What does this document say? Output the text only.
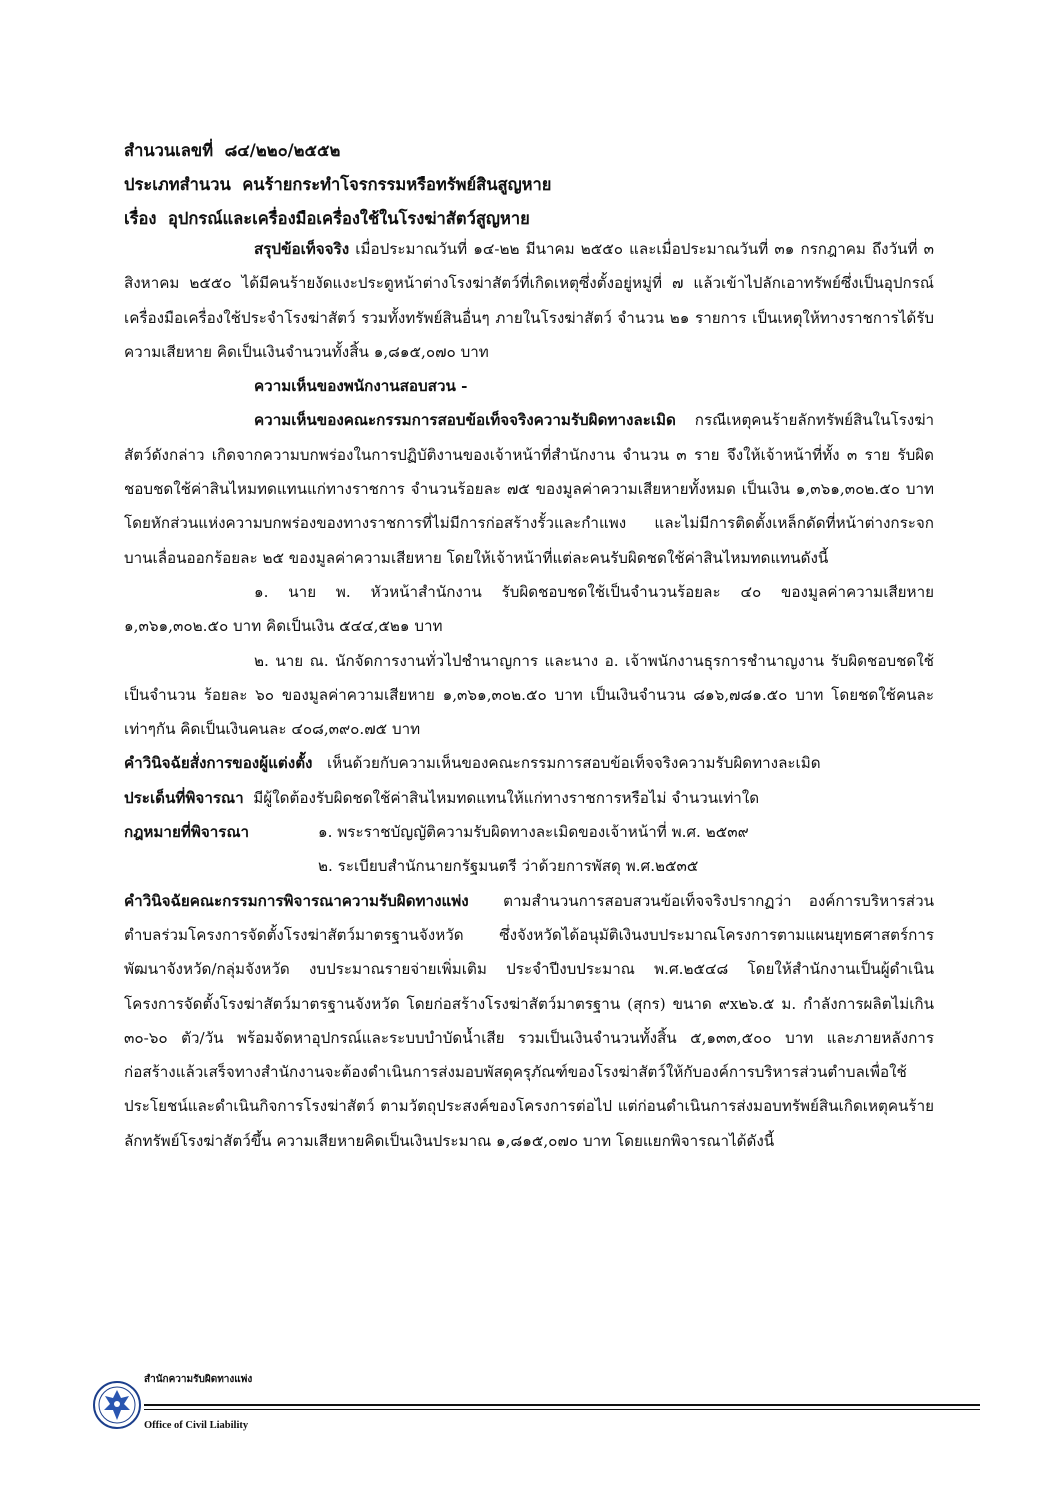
สำนวนเลขที่ ๘๔/๒๒๐/๒๕๕๒
ประเภทสำนวน คนร้ายกระทำโจรกรรมหรือทรัพย์สินสูญหาย
เรื่อง อุปกรณ์และเครื่องมือเครื่องใช้ในโรงฆ่าสัตว์สูญหาย

สรุปข้อเท็จจริง เมื่อประมาณวันที่ ๑๔-๒๒ มีนาคม ๒๕๕๐ และเมื่อประมาณวันที่ ๓๑ กรกฎาคม ถึงวันที่ ๓ สิงหาคม ๒๕๕๐ ได้มีคนร้ายงัดแงะประตูหน้าต่างโรงฆ่าสัตว์ที่เกิดเหตุซึ่งตั้งอยู่หมู่ที่ ๗ แล้วเข้าไปลักเอาทรัพย์ซึ่งเป็นอุปกรณ์ เครื่องมือเครื่องใช้ประจำโรงฆ่าสัตว์ รวมทั้งทรัพย์สินอื่นๆ ภายในโรงฆ่าสัตว์ จำนวน ๒๑ รายการ เป็นเหตุให้ทางราชการได้รับความเสียหาย คิดเป็นเงินจำนวนทั้งสิ้น ๑,๘๑๕,๐๗๐ บาท

ความเห็นของพนักงานสอบสวน -

ความเห็นของคณะกรรมการสอบข้อเท็จจริงความรับผิดทางละเมิด กรณีเหตุคนร้ายลักทรัพย์สินในโรงฆ่าสัตว์ดังกล่าว เกิดจากความบกพร่องในการปฏิบัติงานของเจ้าหน้าที่สำนักงาน จำนวน ๓ ราย จึงให้เจ้าหน้าที่ทั้ง ๓ ราย รับผิดชอบชดใช้ค่าสินไหมทดแทนแก่ทางราชการ จำนวนร้อยละ ๗๕ ของมูลค่าความเสียหายทั้งหมด เป็นเงิน ๑,๓๖๑,๓๐๒.๕๐ บาท โดยหักส่วนแห่งความบกพร่องของทางราชการที่ไม่มีการก่อสร้างรั้วและกำแพง และไม่มีการติดตั้งเหล็กดัดที่หน้าต่างกระจกบานเลื่อนออกร้อยละ ๒๕ ของมูลค่าความเสียหาย โดยให้เจ้าหน้าที่แต่ละคนรับผิดชดใช้ค่าสินไหมทดแทนดังนี้

๑. นาย พ. หัวหน้าสำนักงาน รับผิดชอบชดใช้เป็นจำนวนร้อยละ ๔๐ ของมูลค่าความเสียหาย ๑,๓๖๑,๓๐๒.๕๐ บาท คิดเป็นเงิน ๕๔๔,๕๒๑ บาท

๒. นาย ณ. นักจัดการงานทั่วไปชำนาญการ และนาง อ. เจ้าพนักงานธุรการชำนาญงาน รับผิดชอบชดใช้เป็นจำนวน ร้อยละ ๖๐ ของมูลค่าความเสียหาย ๑,๓๖๑,๓๐๒.๕๐ บาท เป็นเงินจำนวน ๘๑๖,๗๘๑.๕๐ บาท โดยชดใช้คนละเท่าๆกัน คิดเป็นเงินคนละ ๔๐๘,๓๙๐.๗๕ บาท

คำวินิจฉัยสั่งการของผู้แต่งตั้ง เห็นด้วยกับความเห็นของคณะกรรมการสอบข้อเท็จจริงความรับผิดทางละเมิด

ประเด็นที่พิจารณา มีผู้ใดต้องรับผิดชดใช้ค่าสินไหมทดแทนให้แก่ทางราชการหรือไม่ จำนวนเท่าใด

กฎหมายที่พิจารณา	๑. พระราชบัญญัติความรับผิดทางละเมิดของเจ้าหน้าที่ พ.ศ. ๒๕๓๙

๒. ระเบียบสำนักนายกรัฐมนตรี ว่าด้วยการพัสดุ พ.ศ.๒๕๓๕

คำวินิจฉัยคณะกรรมการพิจารณาความรับผิดทางแพ่ง ตามสำนวนการสอบสวนข้อเท็จจริงปรากฏว่า องค์การบริหารส่วนตำบลร่วมโครงการจัดตั้งโรงฆ่าสัตว์มาตรฐานจังหวัด ซึ่งจังหวัดได้อนุมัติเงินงบประมาณโครงการตามแผนยุทธศาสตร์การพัฒนาจังหวัด/กลุ่มจังหวัด งบประมาณรายจ่ายเพิ่มเติม ประจำปีงบประมาณ พ.ศ.๒๕๔๘ โดยให้สำนักงานเป็นผู้ดำเนินโครงการจัดตั้งโรงฆ่าสัตว์มาตรฐานจังหวัด โดยก่อสร้างโรงฆ่าสัตว์มาตรฐาน (สุกร) ขนาด ๙x๒๖.๕ ม. กำลังการผลิตไม่เกิน ๓๐-๖๐ ตัว/วัน พร้อมจัดหาอุปกรณ์และระบบบำบัดน้ำเสีย รวมเป็นเงินจำนวนทั้งสิ้น ๕,๑๓๓,๕๐๐ บาท และภายหลังการก่อสร้างแล้วเสร็จทางสำนักงานจะต้องดำเนินการส่งมอบพัสดุครุภัณฑ์ของโรงฆ่าสัตว์ให้กับองค์การบริหารส่วนตำบลเพื่อใช้ประโยชน์และดำเนินกิจการโรงฆ่าสัตว์ ตามวัตถุประสงค์ของโครงการต่อไป แต่ก่อนดำเนินการส่งมอบทรัพย์สินเกิดเหตุคนร้ายลักทรัพย์โรงฆ่าสัตว์ขึ้น ความเสียหายคิดเป็นเงินประมาณ ๑,๘๑๕,๐๗๐ บาท โดยแยกพิจารณาได้ดังนี้

สำนักความรับผิดทางแพ่ง
Office of Civil Liability
